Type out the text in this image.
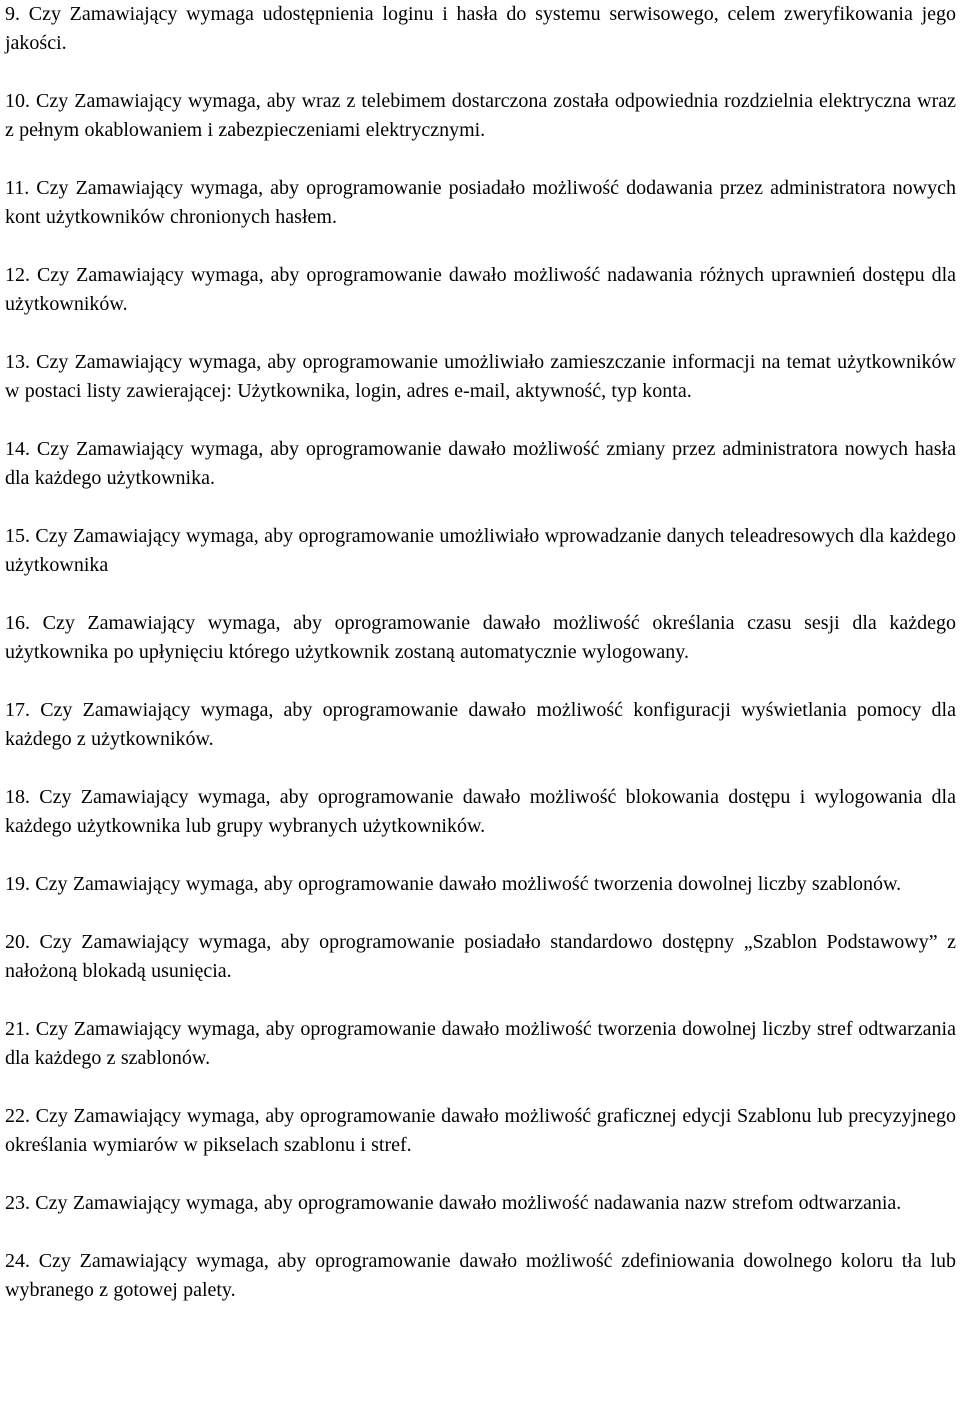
9. Czy Zamawiający wymaga udostępnienia loginu i hasła do systemu serwisowego, celem zweryfikowania jego jakości.

10. Czy Zamawiający wymaga, aby wraz z telebimem dostarczona została odpowiednia rozdzielnia elektryczna wraz z pełnym okablowaniem i zabezpieczeniami elektrycznymi.

11. Czy Zamawiający wymaga, aby oprogramowanie posiadało możliwość dodawania przez administratora nowych kont użytkowników chronionych hasłem.

12. Czy Zamawiający wymaga, aby oprogramowanie dawało możliwość nadawania różnych uprawnień dostępu dla użytkowników.

13. Czy Zamawiający wymaga, aby oprogramowanie umożliwiało zamieszczanie informacji na temat użytkowników w postaci listy zawierającej: Użytkownika, login, adres e-mail, aktywność, typ konta.

14. Czy Zamawiający wymaga, aby oprogramowanie dawało możliwość zmiany przez administratora nowych hasła dla każdego użytkownika.

15. Czy Zamawiający wymaga, aby oprogramowanie umożliwiało wprowadzanie danych teleadresowych dla każdego użytkownika

16. Czy Zamawiający wymaga, aby oprogramowanie dawało możliwość określania czasu sesji dla każdego użytkownika po upłynięciu którego użytkownik zostaną automatycznie wylogowany.

17. Czy Zamawiający wymaga, aby oprogramowanie dawało możliwość konfiguracji wyświetlania pomocy dla każdego z użytkowników.

18. Czy Zamawiający wymaga, aby oprogramowanie dawało możliwość blokowania dostępu i wylogowania dla każdego użytkownika lub grupy wybranych użytkowników.

19. Czy Zamawiający wymaga, aby oprogramowanie dawało możliwość tworzenia dowolnej liczby szablonów.

20. Czy Zamawiający wymaga, aby oprogramowanie posiadało standardowo dostępny „Szablon Podstawowy” z nałożoną blokadą usunięcia.

21. Czy Zamawiający wymaga, aby oprogramowanie dawało możliwość tworzenia dowolnej liczby stref odtwarzania dla każdego z szablonów.

22. Czy Zamawiający wymaga, aby oprogramowanie dawało możliwość graficznej edycji Szablonu lub precyzyjnego określania wymiarów w pikselach szablonu i stref.

23. Czy Zamawiający wymaga, aby oprogramowanie dawało możliwość nadawania nazw strefom odtwarzania.

24. Czy Zamawiający wymaga, aby oprogramowanie dawało możliwość zdefiniowania dowolnego koloru tła lub wybranego z gotowej palety.
